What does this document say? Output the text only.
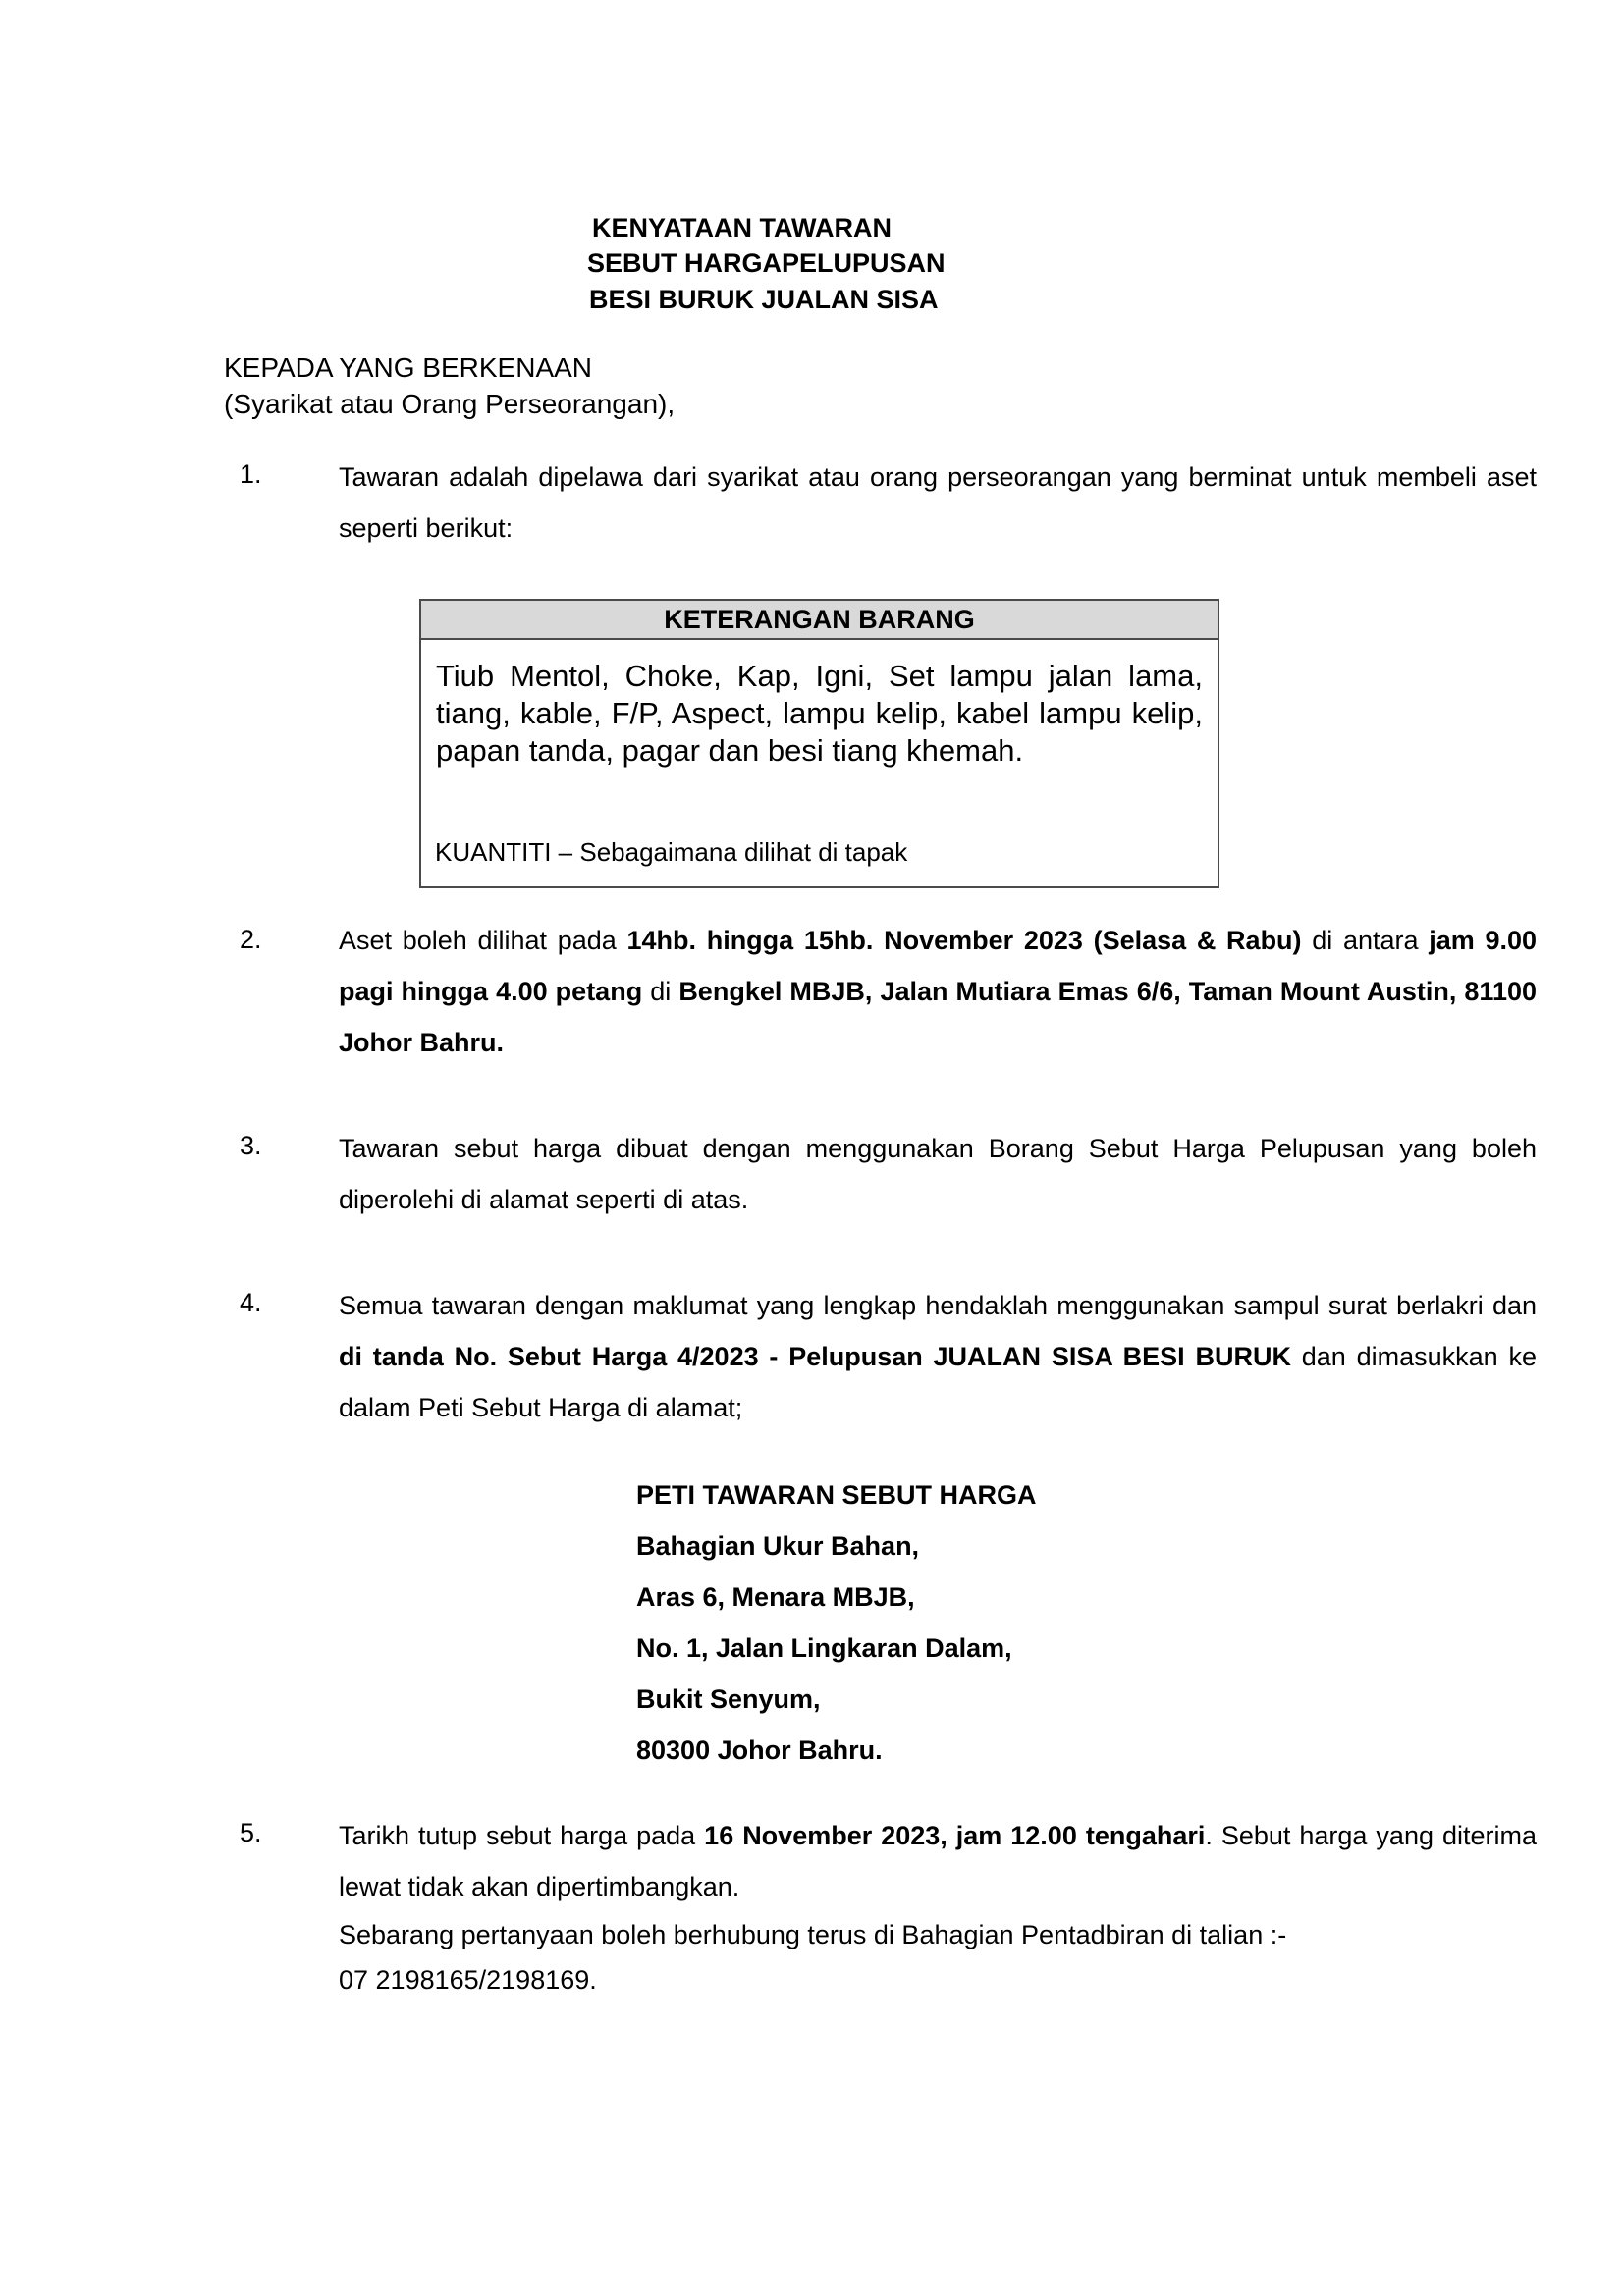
KENYATAAN TAWARAN
SEBUT HARGAPELUPUSAN
BESI BURUK JUALAN SISA
KEPADA YANG BERKENAAN
(Syarikat atau Orang Perseorangan),
1.	Tawaran adalah dipelawa dari syarikat atau orang perseorangan yang berminat untuk membeli aset seperti berikut:
KETERANGAN BARANG
Tiub Mentol, Choke, Kap, Igni, Set lampu jalan lama, tiang, kable, F/P, Aspect, lampu kelip, kabel lampu kelip, papan tanda, pagar dan besi tiang khemah.
KUANTITI – Sebagaimana dilihat di tapak
2.	Aset boleh dilihat pada 14hb. hingga 15hb. November 2023 (Selasa & Rabu) di antara jam 9.00 pagi hingga 4.00 petang di Bengkel MBJB, Jalan Mutiara Emas 6/6, Taman Mount Austin, 81100 Johor Bahru.
3.	Tawaran sebut harga dibuat dengan menggunakan Borang Sebut Harga Pelupusan yang boleh diperolehi di alamat seperti di atas.
4.	Semua tawaran dengan maklumat yang lengkap hendaklah menggunakan sampul surat berlakri dan di tanda No. Sebut Harga 4/2023 - Pelupusan JUALAN SISA BESI BURUK dan dimasukkan ke dalam Peti Sebut Harga di alamat;
PETI TAWARAN SEBUT HARGA
Bahagian Ukur Bahan,
Aras 6, Menara MBJB,
No. 1, Jalan Lingkaran Dalam,
Bukit Senyum,
80300 Johor Bahru.
5.	Tarikh tutup sebut harga pada 16 November 2023, jam 12.00 tengahari. Sebut harga yang diterima lewat tidak akan dipertimbangkan.

Sebarang pertanyaan boleh berhubung terus di Bahagian Pentadbiran di talian :-

07 2198165/2198169.
